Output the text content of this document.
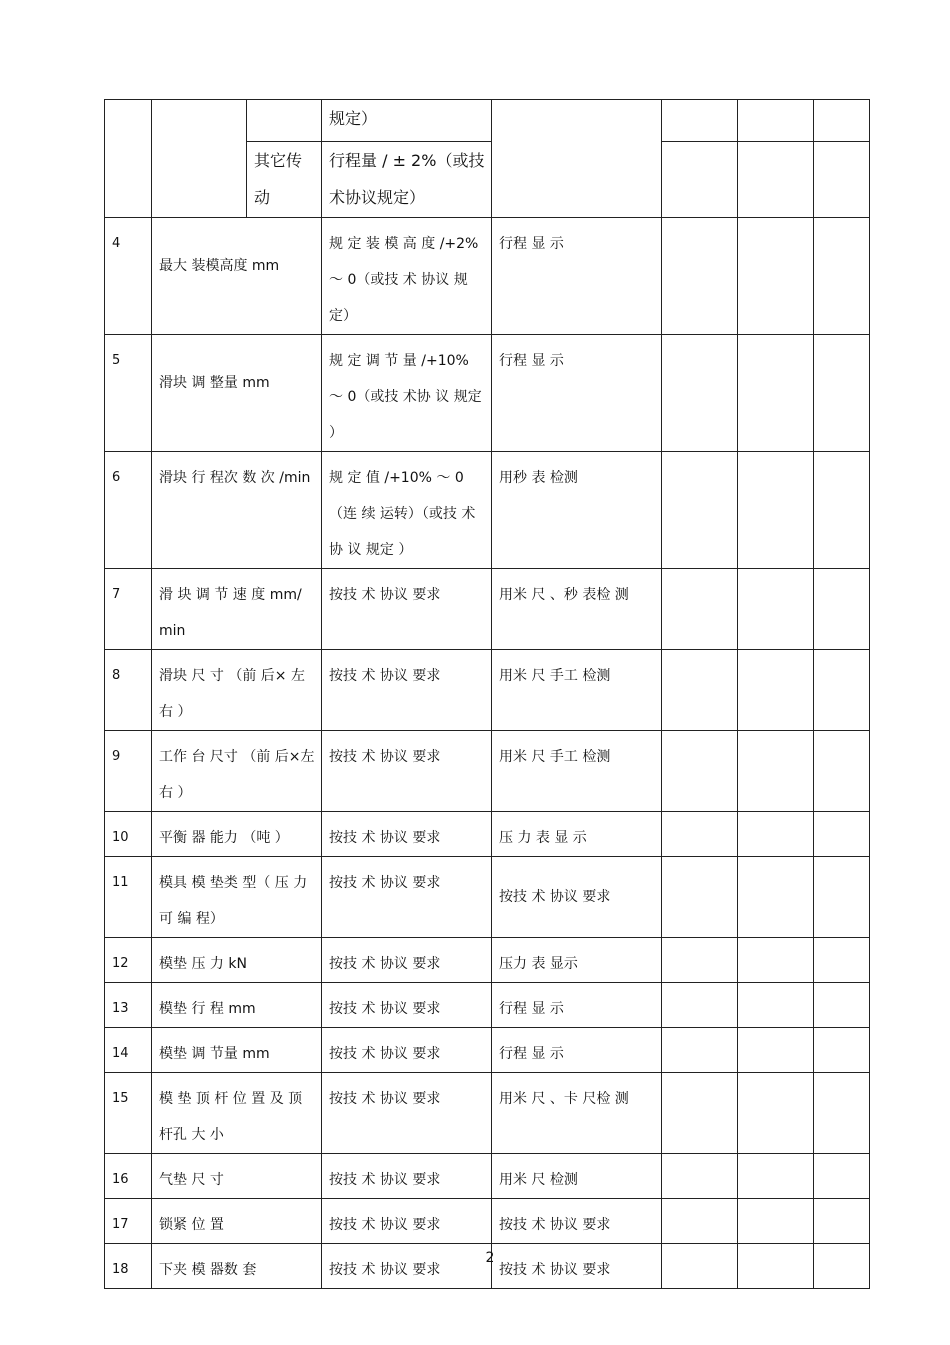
			规定）				
		其它传动	行程量 / ± 2%（或技术协议规定）				
4	最大 装模高度 mm		规 定 装 模 高 度 /+2% ～ 0（或技 术 协议 规 定）	行程 显 示			
5	滑块 调 整量 mm		规 定 调 节 量 /+10% ～ 0（或技 术协 议 规定 ）	行程 显 示			
6	滑块 行 程次 数 次 /min		规 定 值 /+10% ～ 0（连 续 运转）（或技 术协 议 规定 ）	用秒 表 检测			
7	滑 块 调 节 速 度 mm/min		按技 术 协议 要求	用米 尺 、秒 表检 测			
8	滑块 尺 寸 （前 后× 左右 ）		按技 术 协议 要求	用米 尺 手工 检测			
9	工作 台 尺寸 （前 后×左右 ）		按技 术 协议 要求	用米 尺 手工 检测			
10	平衡 器 能力 （吨 ）		按技 术 协议 要求	压 力 表 显 示			
11	模具 模 垫类 型（ 压 力可 编 程）		按技 术 协议 要求	按技 术 协议 要求			
12	模垫 压 力 kN		按技 术 协议 要求	压力 表 显示			
13	模垫 行 程 mm		按技 术 协议 要求	行程 显 示			
14	模垫 调 节量 mm		按技 术 协议 要求	行程 显 示			
15	模 垫 顶 杆 位 置 及 顶 杆孔 大 小		按技 术 协议 要求	用米 尺 、卡 尺检 测			
16	气垫 尺 寸		按技 术 协议 要求	用米 尺 检测			
17	锁紧 位 置		按技 术 协议 要求	按技 术 协议 要求			
18	下夹 模 器数 套		按技 术 协议 要求	按技 术 协议 要求			
2
